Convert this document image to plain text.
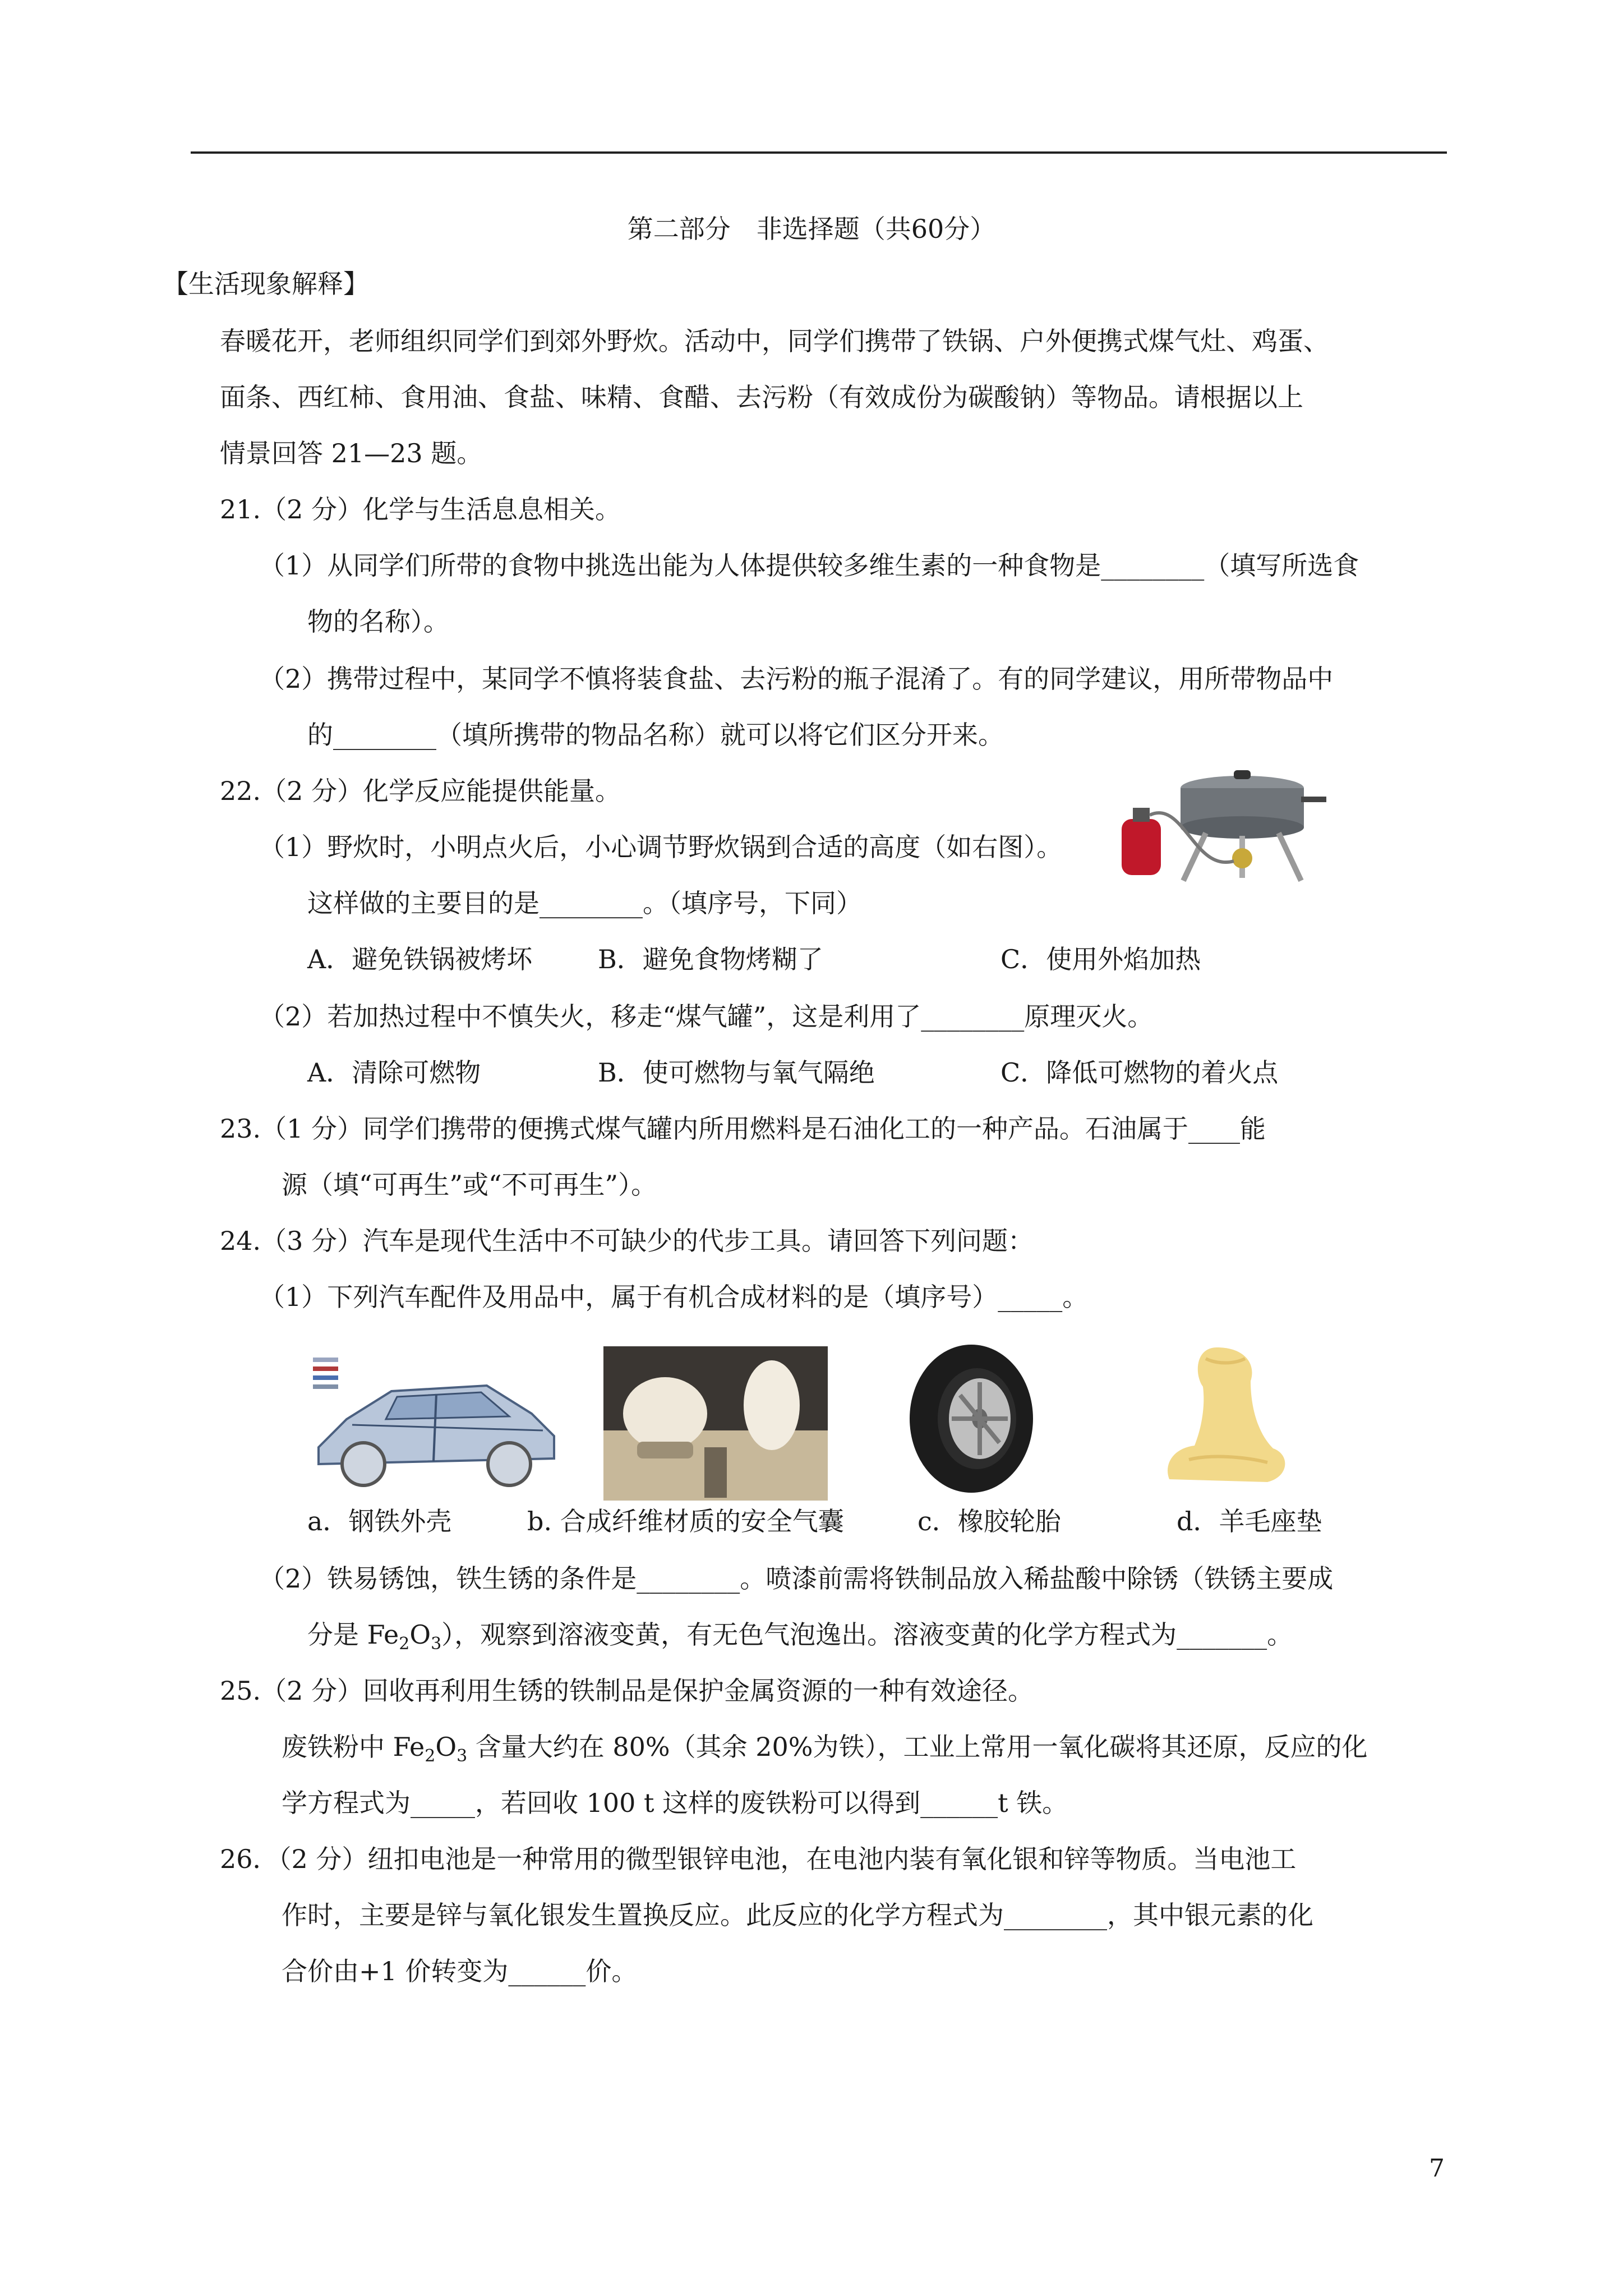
第二部分　非选择题（共60分）
【生活现象解释】
春暖花开，老师组织同学们到郊外野炊。活动中，同学们携带了铁锅、户外便携式煤气灶、鸡蛋、
面条、西红柿、食用油、食盐、味精、食醋、去污粉（有效成份为碳酸钠）等物品。请根据以上
情景回答 21—23 题。
21.（2 分）化学与生活息息相关。
（1）从同学们所带的食物中挑选出能为人体提供较多维生素的一种食物是________（填写所选食
物的名称）。
（2）携带过程中，某同学不慎将装食盐、去污粉的瓶子混淆了。有的同学建议，用所带物品中
的________（填所携带的物品名称）就可以将它们区分开来。
22.（2 分）化学反应能提供能量。
（1）野炊时，小明点火后，小心调节野炊锅到合适的高度（如右图）。
这样做的主要目的是________。（填序号，下同）
A．避免铁锅被烤坏	B．避免食物烤糊了	C．使用外焰加热
（2）若加热过程中不慎失火，移走“煤气罐”，这是利用了________原理灭火。
A．清除可燃物	B．使可燃物与氧气隔绝	C．降低可燃物的着火点
23.（1 分）同学们携带的便携式煤气罐内所用燃料是石油化工的一种产品。石油属于____能
源（填“可再生”或“不可再生”）。
24.（3 分）汽车是现代生活中不可缺少的代步工具。请回答下列问题：
（1）下列汽车配件及用品中，属于有机合成材料的是（填序号）_____。
a．钢铁外壳	b. 合成纤维材质的安全气囊	c．橡胶轮胎	d．羊毛座垫
（2）铁易锈蚀，铁生锈的条件是________。喷漆前需将铁制品放入稀盐酸中除锈（铁锈主要成
分是 $Fe_2O_3$），观察到溶液变黄，有无色气泡逸出。溶液变黄的化学方程式为_______。
25.（2 分）回收再利用生锈的铁制品是保护金属资源的一种有效途径。
废铁粉中 $Fe_2O_3$ 含量大约在 80%（其余 20%为铁），工业上常用一氧化碳将其还原，反应的化
学方程式为_____，若回收 100 t 这样的废铁粉可以得到______t 铁。
26．（2 分）纽扣电池是一种常用的微型银锌电池，在电池内装有氧化银和锌等物质。当电池工
作时，主要是锌与氧化银发生置换反应。此反应的化学方程式为________，其中银元素的化
合价由+1 价转变为______价。
7
